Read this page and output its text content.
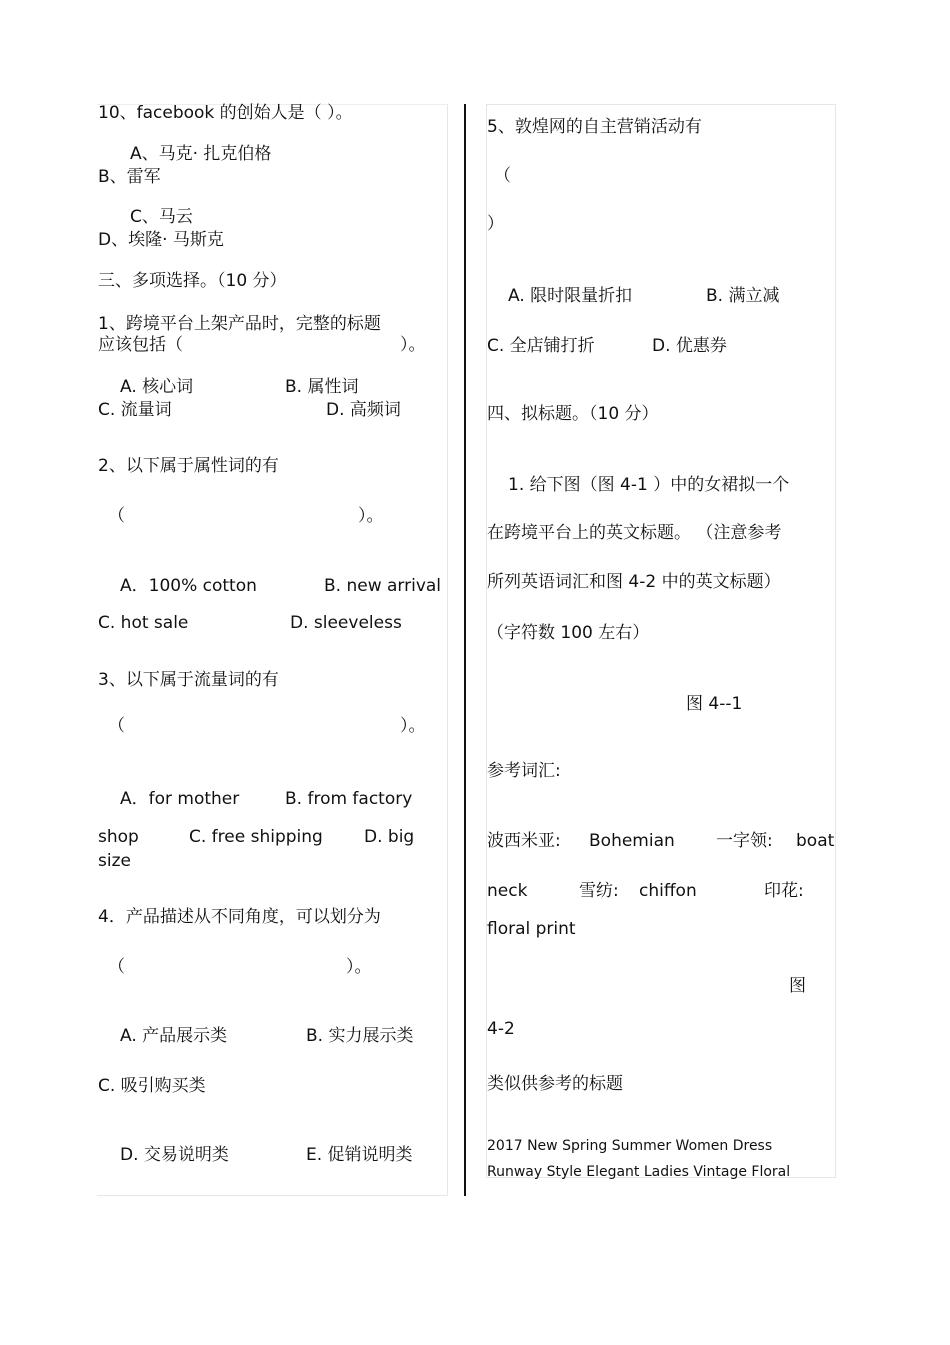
10、facebook 的创始人是（ ）。
A、马克· 扎克伯格
B、雷军
C、马云
D、埃隆· 马斯克
三、多项选择。（10 分）
1、跨境平台上架产品时，完整的标题
应该包括（	）。
A. 核心词	B. 属性词
C. 流量词	D. 高频词
2、以下属于属性词的有
（	）。
A．100% cotton	B. new arrival
C. hot sale	D. sleeveless
3、以下属于流量词的有
（	）。
A．for mother	B. from factory
shop	C. free shipping D. big
size
4．产品描述从不同角度，可以划分为
（	）。
A. 产品展示类	B. 实力展示类
C. 吸引购买类
D. 交易说明类	E. 促销说明类
5、敦煌网的自主营销活动有
（
）
A. 限时限量折扣	B. 满立减
C. 全店铺打折	D. 优惠券
四、拟标题。（10 分）
1. 给下图（图 4-1 ）中的女裙拟一个
在跨境平台上的英文标题。 （注意参考
所列英语词汇和图 4-2 中的英文标题）
（字符数 100 左右）
图 4--1
参考词汇:
波西米亚: Bohemian 一字领: boat
neck	雪纺: chiffon	印花:
floral print
图
4-2
类似供参考的标题
2017 New Spring Summer Women Dress
Runway Style Elegant Ladies Vintage Floral
